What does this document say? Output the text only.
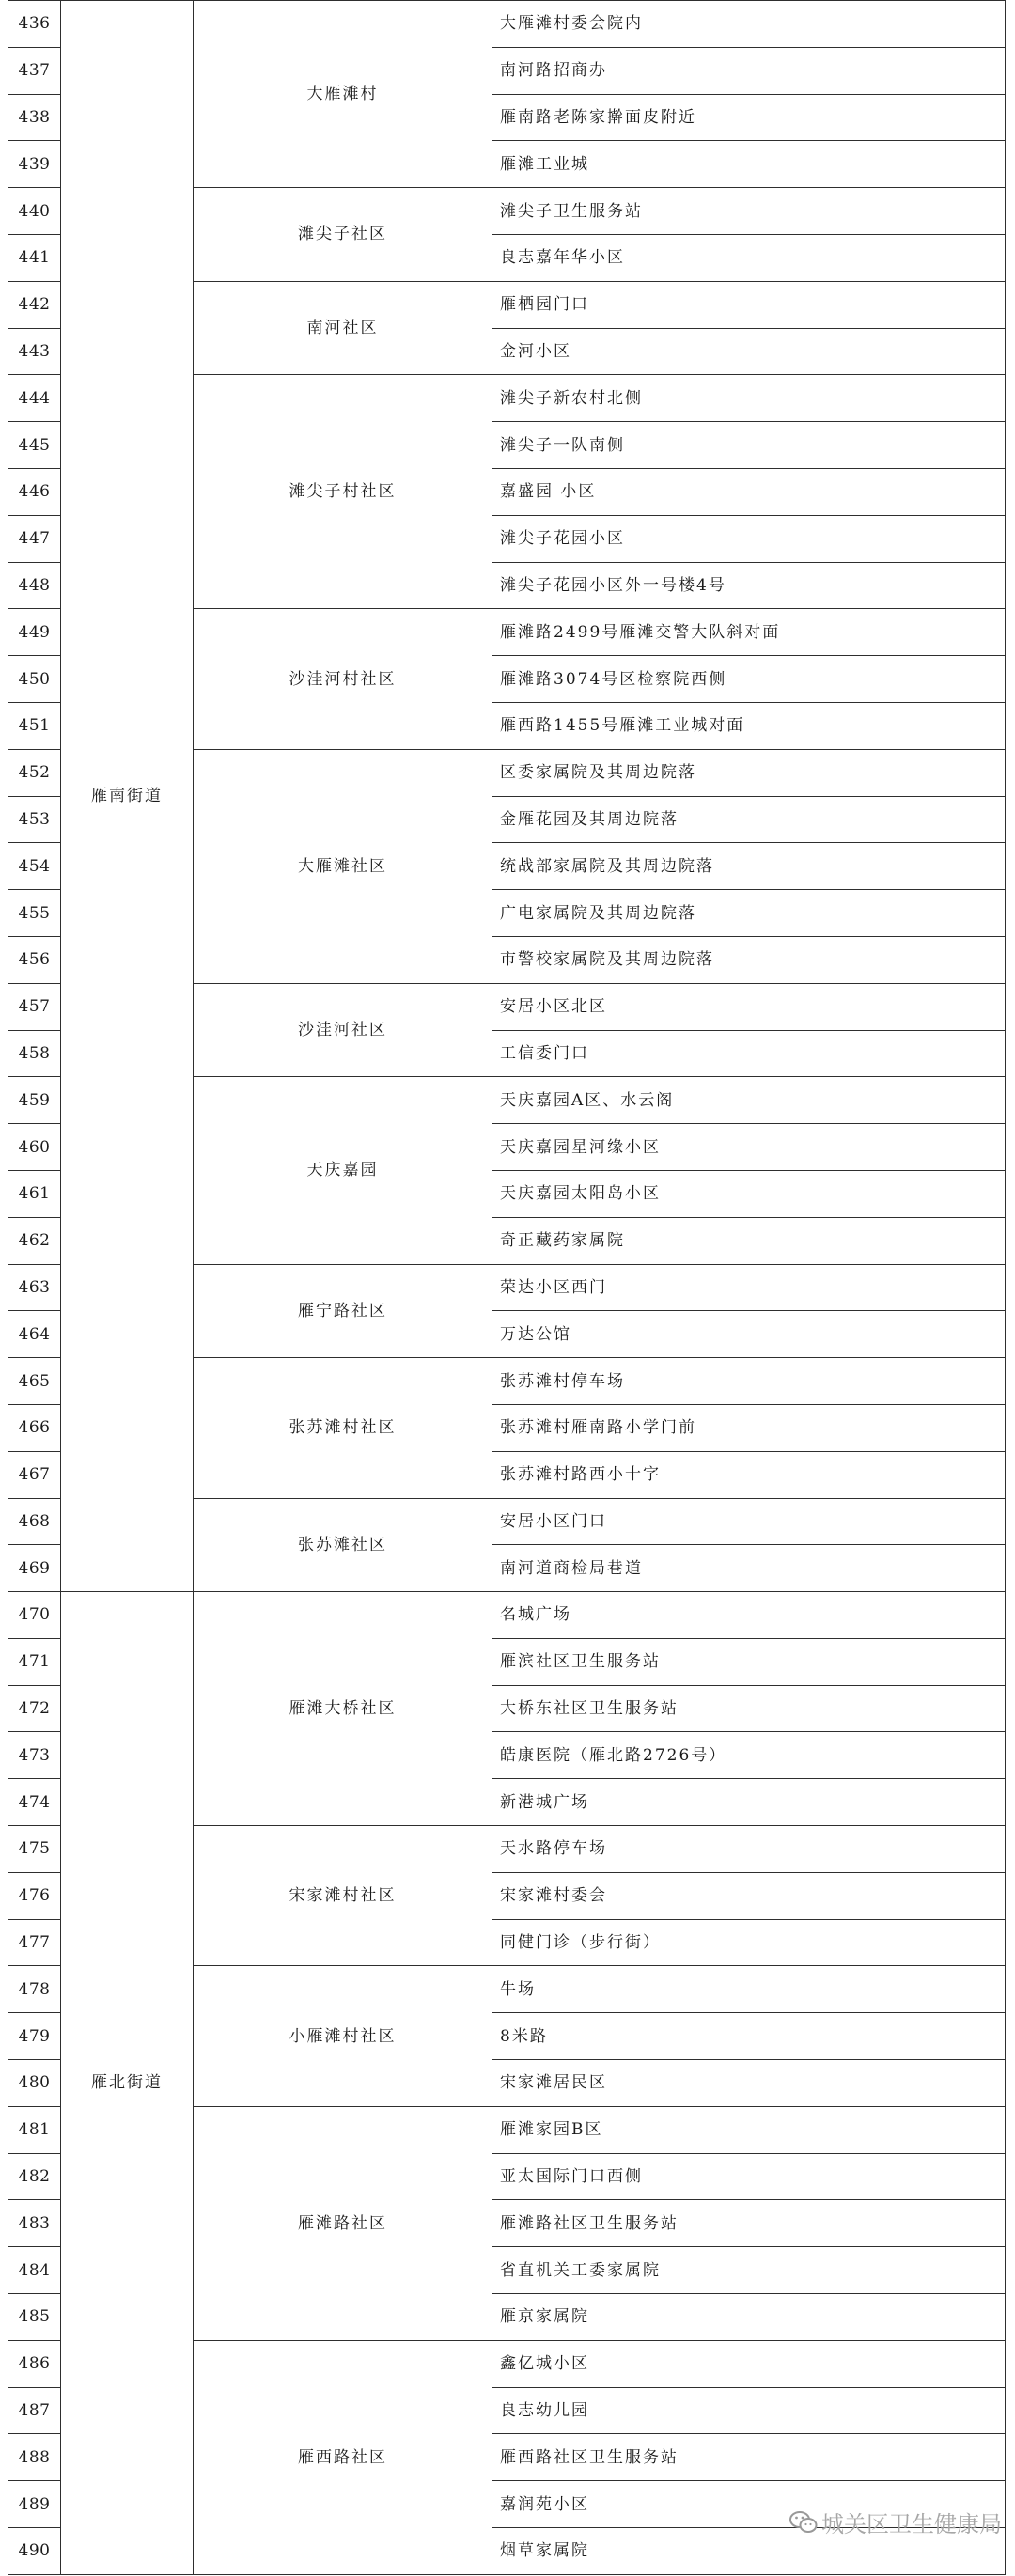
436	雁南街道	大雁滩村	大雁滩村委会院内
437			南河路招商办
438			雁南路老陈家擀面皮附近
439			雁滩工业城
440		滩尖子社区	滩尖子卫生服务站
441			良志嘉年华小区
442		南河社区	雁栖园门口
443			金河小区
444		滩尖子村社区	滩尖子新农村北侧
445			滩尖子一队南侧
446			嘉盛园 小区
447			滩尖子花园小区
448			滩尖子花园小区外一号楼4号
449		沙洼河村社区	雁滩路2499号雁滩交警大队斜对面
450			雁滩路3074号区检察院西侧
451			雁西路1455号雁滩工业城对面
452		大雁滩社区	区委家属院及其周边院落
453			金雁花园及其周边院落
454			统战部家属院及其周边院落
455			广电家属院及其周边院落
456			市警校家属院及其周边院落
457		沙洼河社区	安居小区北区
458			工信委门口
459		天庆嘉园	天庆嘉园A区、水云阁
460			天庆嘉园星河缘小区
461			天庆嘉园太阳岛小区
462			奇正藏药家属院
463		雁宁路社区	荣达小区西门
464			万达公馆
465		张苏滩村社区	张苏滩村停车场
466			张苏滩村雁南路小学门前
467			张苏滩村路西小十字
468		张苏滩社区	安居小区门口
469			南河道商检局巷道
470	雁北街道	雁滩大桥社区	名城广场
471			雁滨社区卫生服务站
472			大桥东社区卫生服务站
473			皓康医院（雁北路2726号）
474			新港城广场
475		宋家滩村社区	天水路停车场
476			宋家滩村委会
477			同健门诊（步行街）
478		小雁滩村社区	牛场
479			8米路
480			宋家滩居民区
481		雁滩路社区	雁滩家园B区
482			亚太国际门口西侧
483			雁滩路社区卫生服务站
484			省直机关工委家属院
485			雁京家属院
486		雁西路社区	鑫亿城小区
487			良志幼儿园
488			雁西路社区卫生服务站
489			嘉润苑小区
490			烟草家属院
城关区卫生健康局
